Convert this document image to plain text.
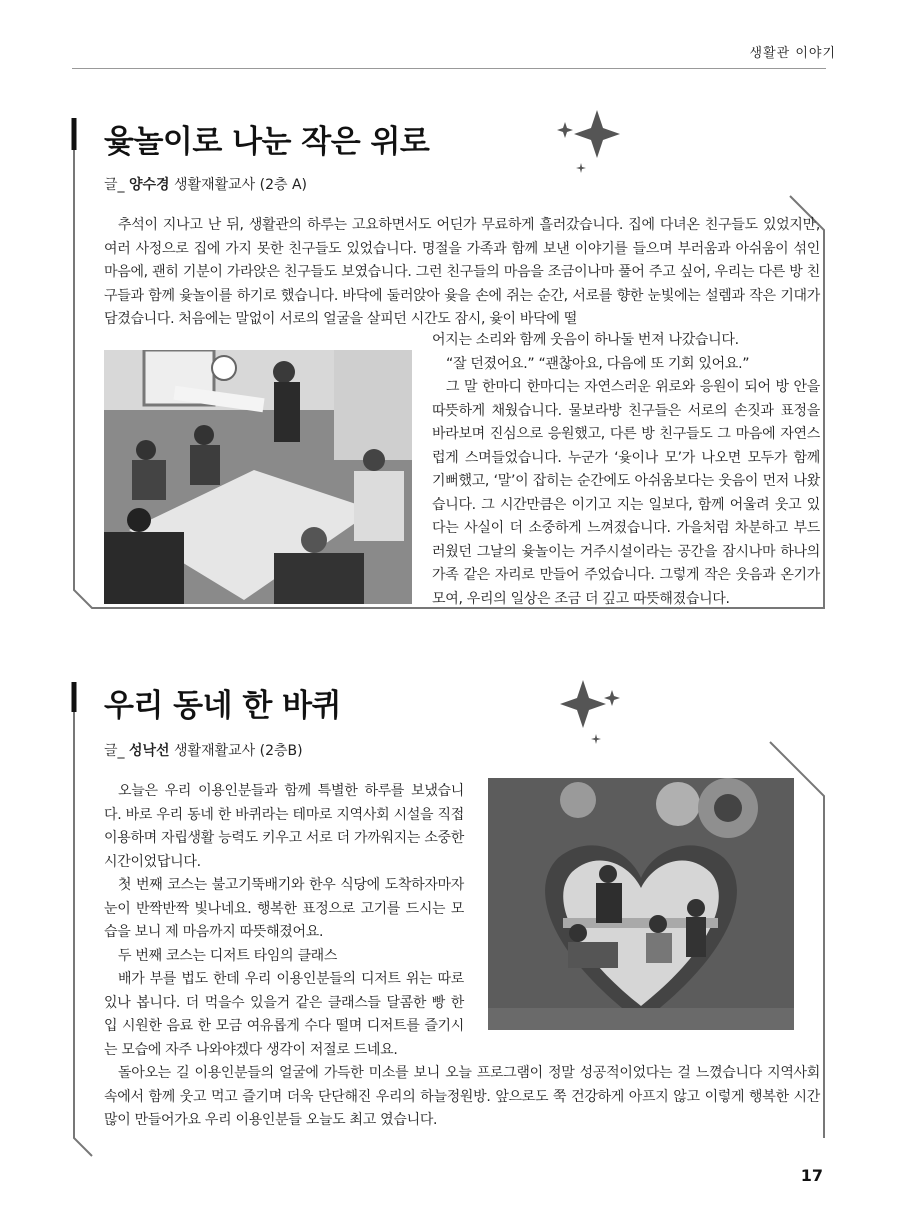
생활관 이야기
윷놀이로 나눈 작은 위로
글_ 양수경 생활재활교사 (2층 A)

추석이 지나고 난 뒤, 생활관의 하루는 고요하면서도 어딘가 무료하게 흘러갔습니다. 집에 다녀온 친구들도 있었지만, 여러 사정으로 집에 가지 못한 친구들도 있었습니다. 명절을 가족과 함께 보낸 이야기를 들으며 부러움과 아쉬움이 섞인 마음에, 괜히 기분이 가라앉은 친구들도 보였습니다. 그런 친구들의 마음을 조금이나마 풀어 주고 싶어, 우리는 다른 방 친구들과 함께 윷놀이를 하기로 했습니다. 바닥에 둘러앉아 윷을 손에 쥐는 순간, 서로를 향한 눈빛에는 설렘과 작은 기대가 담겼습니다. 처음에는 말없이 서로의 얼굴을 살피던 시간도 잠시, 윷이 바닥에 떨

어지는 소리와 함께 웃음이 하나둘 번져 나갔습니다.

“잘 던졌어요.” “괜찮아요, 다음에 또 기회 있어요.”

그 말 한마디 한마디는 자연스러운 위로와 응원이 되어 방 안을 따뜻하게 채웠습니다. 물보라방 친구들은 서로의 손짓과 표정을 바라보며 진심으로 응원했고, 다른 방 친구들도 그 마음에 자연스럽게 스며들었습니다. 누군가 ‘윷이나 모’가 나오면 모두가 함께 기뻐했고, ‘말’이 잡히는 순간에도 아쉬움보다는 웃음이 먼저 나왔습니다. 그 시간만큼은 이기고 지는 일보다, 함께 어울려 웃고 있다는 사실이 더 소중하게 느껴졌습니다. 가을처럼 차분하고 부드러웠던 그날의 윷놀이는 거주시설이라는 공간을 잠시나마 하나의 가족 같은 자리로 만들어 주었습니다. 그렇게 작은 웃음과 온기가 모여, 우리의 일상은 조금 더 깊고 따뜻해졌습니다.

우리 동네 한 바퀴
글_ 성낙선 생활재활교사 (2층B)

오늘은 우리 이용인분들과 함께 특별한 하루를 보냈습니다. 바로 우리 동네 한 바퀴라는 테마로 지역사회 시설을 직접 이용하며 자립생활 능력도 키우고 서로 더 가까워지는 소중한 시간이었답니다.

첫 번째 코스는 불고기뚝배기와 한우 식당에 도착하자마자 눈이 반짝반짝 빛나네요. 행복한 표정으로 고기를 드시는 모습을 보니 제 마음까지 따뜻해졌어요.

두 번째 코스는 디저트 타임의 클래스

배가 부를 법도 한데 우리 이용인분들의 디저트 위는 따로 있나 봅니다. 더 먹을수 있을거 같은 클래스들 달콤한 빵 한 입 시원한 음료 한 모금 여유롭게 수다 떨며 디저트를 즐기시는 모습에 자주 나와야겠다 생각이 저절로 드네요.

돌아오는 길 이용인분들의 얼굴에 가득한 미소를 보니 오늘 프로그램이 정말 성공적이었다는 걸 느꼈습니다 지역사회 속에서 함께 웃고 먹고 즐기며 더욱 단단해진 우리의 하늘정원방. 앞으로도 쭉 건강하게 아프지 않고 이렇게 행복한 시간 많이 만들어가요 우리 이용인분들 오늘도 최고 였습니다.

17
